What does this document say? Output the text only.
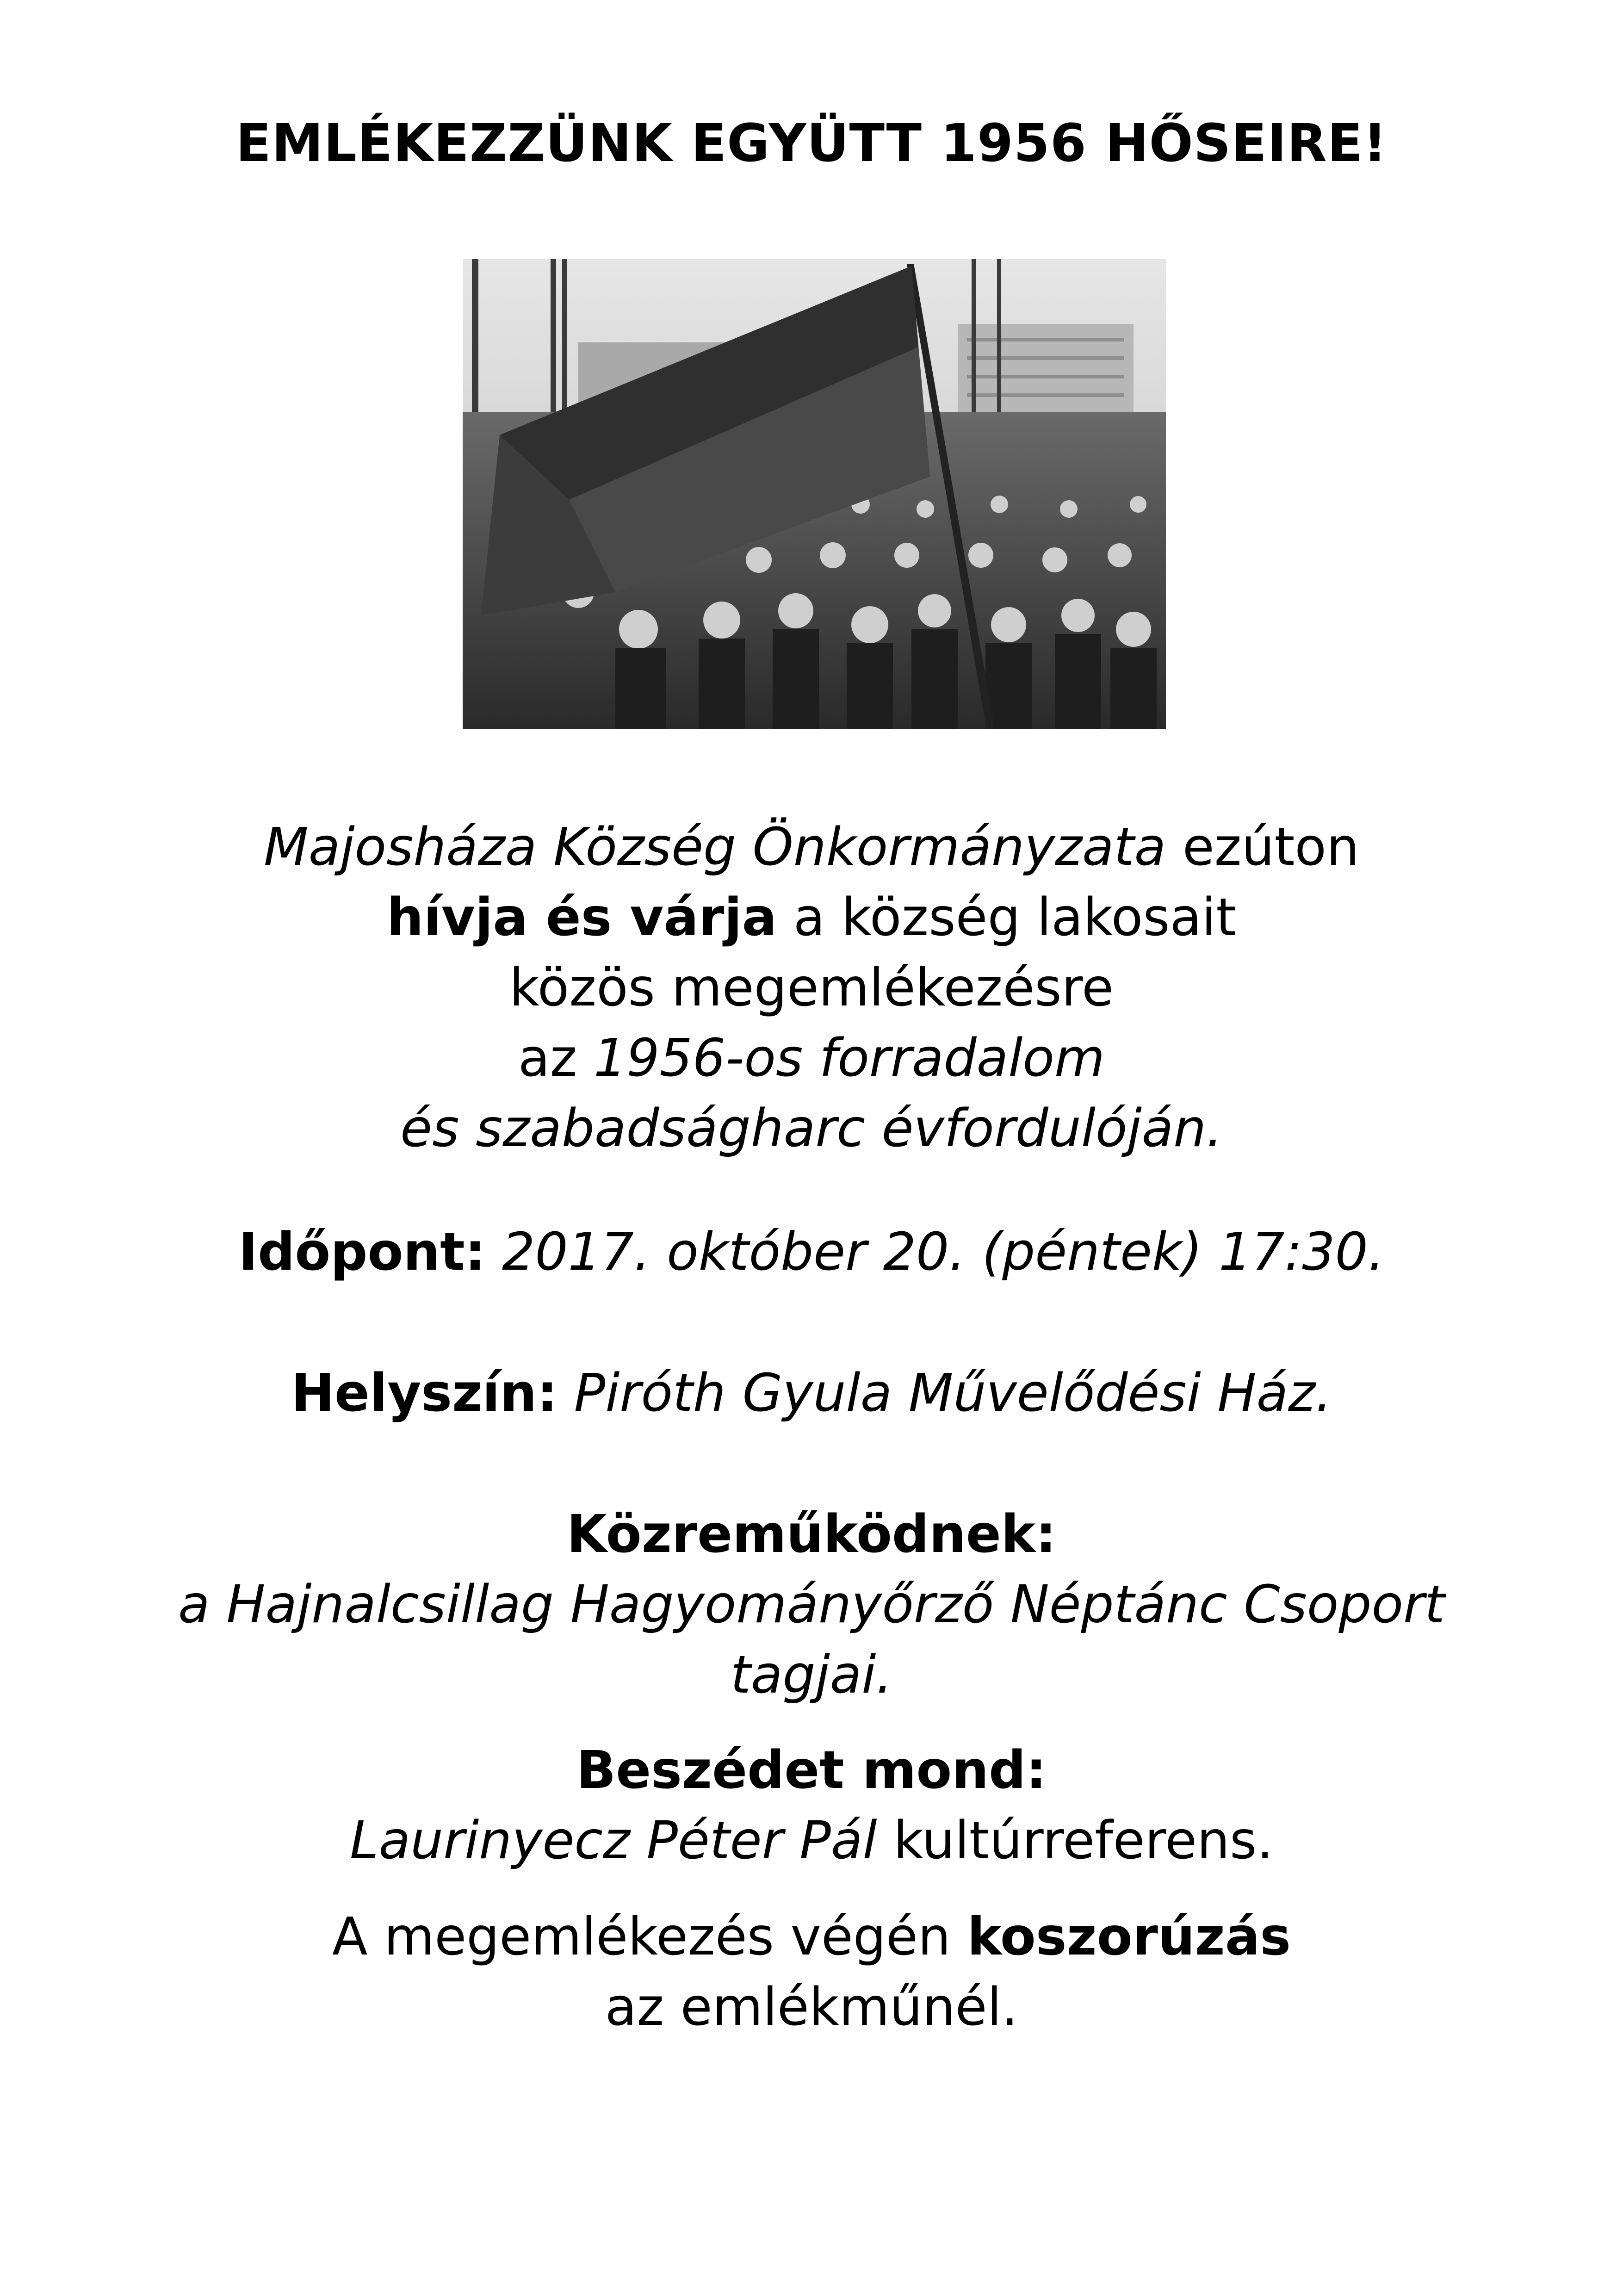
EMLÉKEZZÜNK EGYÜTT 1956 HŐSEIRE!
Majosháza Község Önkormányzata ezúton
hívja és várja a község lakosait
közös megemlékezésre
az 1956-os forradalom
és szabadságharc évfordulóján.
Időpont: 2017. október 20. (péntek) 17:30.
Helyszín: Piróth Gyula Művelődési Ház.
Közreműködnek:
a Hajnalcsillag Hagyományőrző Néptánc Csoport
tagjai.
Beszédet mond:
Laurinyecz Péter Pál kultúrreferens.
A megemlékezés végén koszorúzás
az emlékműnél.
